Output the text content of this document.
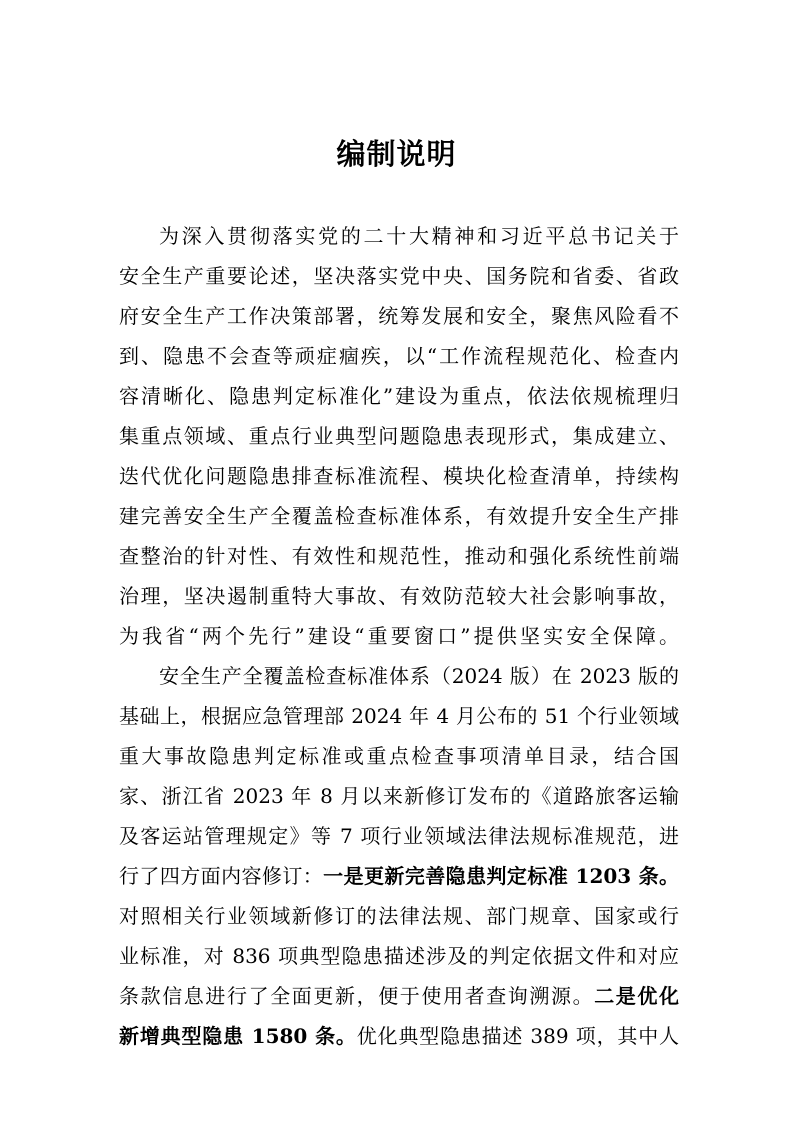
编制说明
为深入贯彻落实党的二十大精神和习近平总书记关于
安全生产重要论述，坚决落实党中央、国务院和省委、省政
府安全生产工作决策部署，统筹发展和安全，聚焦风险看不
到、隐患不会查等顽症痼疾，以“工作流程规范化、检查内
容清晰化、隐患判定标准化”建设为重点，依法依规梳理归
集重点领域、重点行业典型问题隐患表现形式，集成建立、
迭代优化问题隐患排查标准流程、模块化检查清单，持续构
建完善安全生产全覆盖检查标准体系，有效提升安全生产排
查整治的针对性、有效性和规范性，推动和强化系统性前端
治理，坚决遏制重特大事故、有效防范较大社会影响事故，
为我省“两个先行”建设“重要窗口”提供坚实安全保障。
安全生产全覆盖检查标准体系（2024 版）在 2023 版的
基础上，根据应急管理部 2024 年 4 月公布的 51 个行业领域
重大事故隐患判定标准或重点检查事项清单目录，结合国
家、浙江省 2023 年 8 月以来新修订发布的《道路旅客运输
及客运站管理规定》等 7 项行业领域法律法规标准规范，进
行了四方面内容修订：一是更新完善隐患判定标准 1203 条。
对照相关行业领域新修订的法律法规、部门规章、国家或行
业标准，对 836 项典型隐患描述涉及的判定依据文件和对应
条款信息进行了全面更新，便于使用者查询溯源。二是优化
新增典型隐患 1580 条。优化典型隐患描述 389 项，其中人
